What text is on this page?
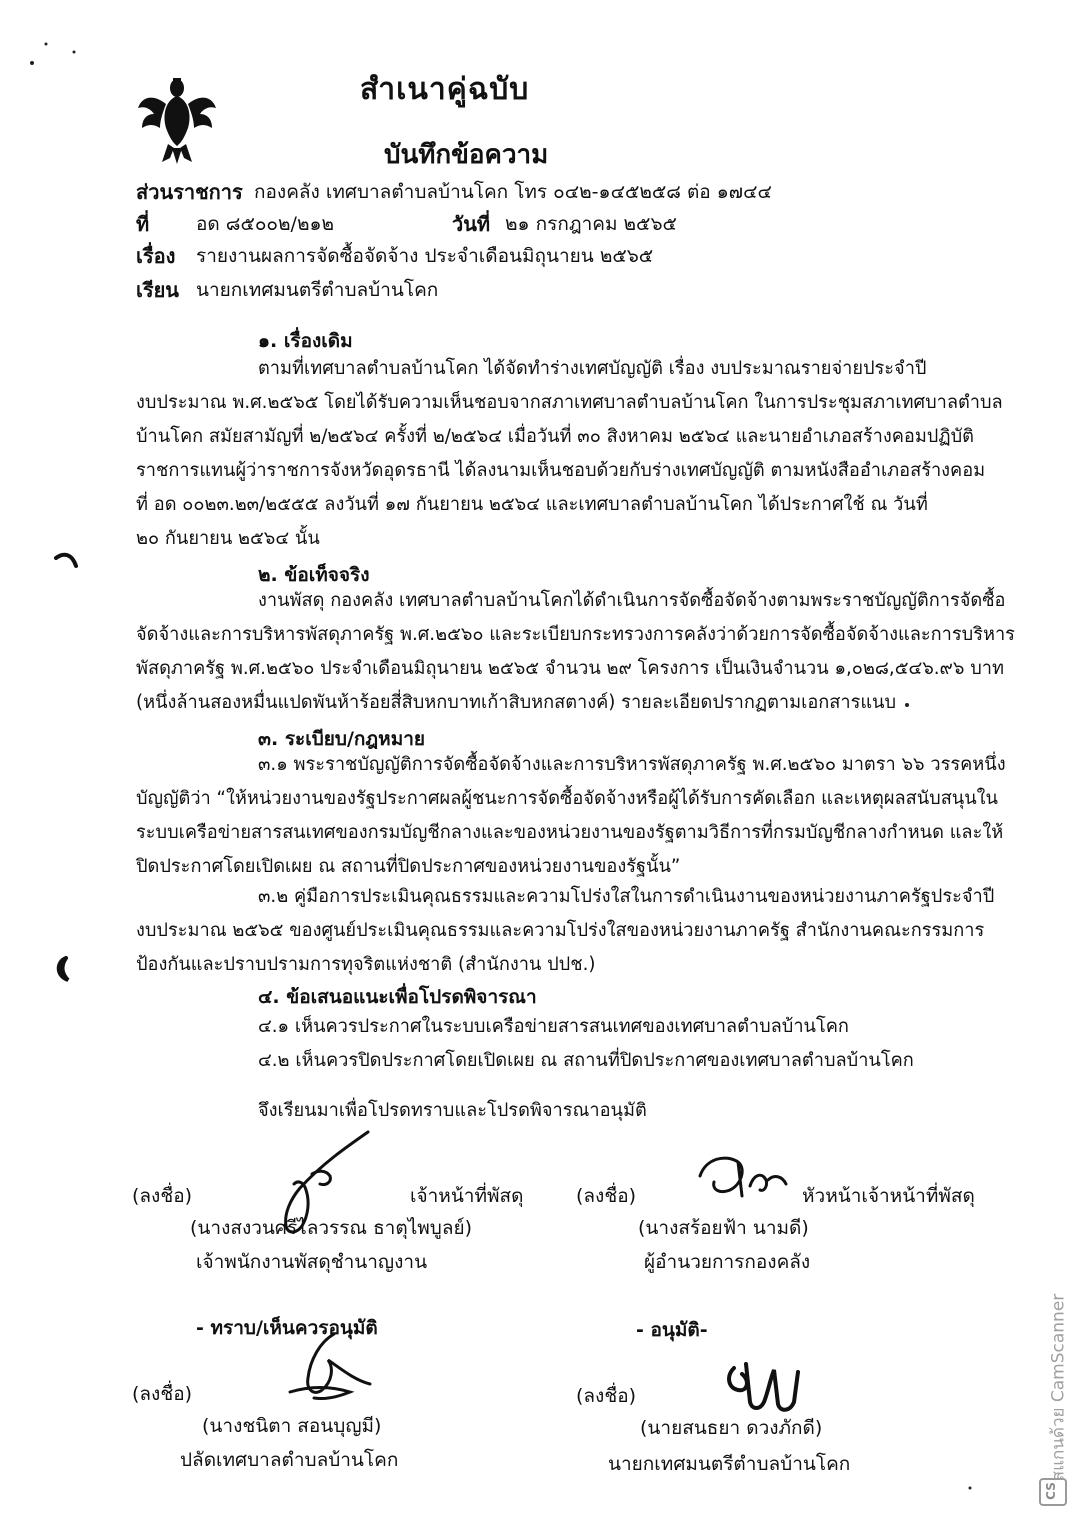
สำเนาคู่ฉบับ
บันทึกข้อความ
ส่วนราชการ กองคลัง เทศบาลตำบลบ้านโคก โทร ๐๔๒-๑๔๕๒๕๘ ต่อ ๑๗๔๔
ที่ อด ๘๕๐๐๒/๒๑๒	วันที่ ๒๑ กรกฎาคม ๒๕๖๕
เรื่อง รายงานผลการจัดซื้อจัดจ้าง ประจำเดือนมิถุนายน ๒๕๖๕
เรียน นายกเทศมนตรีตำบลบ้านโคก
๑. เรื่องเดิม
ตามที่เทศบาลตำบลบ้านโคก ได้จัดทำร่างเทศบัญญัติ เรื่อง งบประมาณรายจ่ายประจำปี
งบประมาณ พ.ศ.๒๕๖๕ โดยได้รับความเห็นชอบจากสภาเทศบาลตำบลบ้านโคก ในการประชุมสภาเทศบาลตำบล
บ้านโคก สมัยสามัญที่ ๒/๒๕๖๔ ครั้งที่ ๒/๒๕๖๔ เมื่อวันที่ ๓๐ สิงหาคม ๒๕๖๔ และนายอำเภอสร้างคอมปฏิบัติ
ราชการแทนผู้ว่าราชการจังหวัดอุดรธานี ได้ลงนามเห็นชอบด้วยกับร่างเทศบัญญัติ ตามหนังสืออำเภอสร้างคอม
ที่ อด ๐๐๒๓.๒๓/๒๕๕๕ ลงวันที่ ๑๗ กันยายน ๒๕๖๔ และเทศบาลตำบลบ้านโคก ได้ประกาศใช้ ณ วันที่
๒๐ กันยายน ๒๕๖๔ นั้น
๒. ข้อเท็จจริง
งานพัสดุ กองคลัง เทศบาลตำบลบ้านโคกได้ดำเนินการจัดซื้อจัดจ้างตามพระราชบัญญัติการจัดซื้อ
จัดจ้างและการบริหารพัสดุภาครัฐ พ.ศ.๒๕๖๐ และระเบียบกระทรวงการคลังว่าด้วยการจัดซื้อจัดจ้างและการบริหาร
พัสดุภาครัฐ พ.ศ.๒๕๖๐ ประจำเดือนมิถุนายน ๒๕๖๕ จำนวน ๒๙ โครงการ เป็นเงินจำนวน ๑,๐๒๘,๕๔๖.๙๖ บาท
(หนึ่งล้านสองหมื่นแปดพันห้าร้อยสี่สิบหกบาทเก้าสิบหกสตางค์) รายละเอียดปรากฏตามเอกสารแนบ
๓. ระเบียบ/กฎหมาย
๓.๑ พระราชบัญญัติการจัดซื้อจัดจ้างและการบริหารพัสดุภาครัฐ พ.ศ.๒๕๖๐ มาตรา ๖๖ วรรคหนึ่ง
บัญญัติว่า “ให้หน่วยงานของรัฐประกาศผลผู้ชนะการจัดซื้อจัดจ้างหรือผู้ได้รับการคัดเลือก และเหตุผลสนับสนุนใน
ระบบเครือข่ายสารสนเทศของกรมบัญชีกลางและของหน่วยงานของรัฐตามวิธีการที่กรมบัญชีกลางกำหนด และให้
ปิดประกาศโดยเปิดเผย ณ สถานที่ปิดประกาศของหน่วยงานของรัฐนั้น”
๓.๒ คู่มือการประเมินคุณธรรมและความโปร่งใสในการดำเนินงานของหน่วยงานภาครัฐประจำปี
งบประมาณ ๒๕๖๕ ของศูนย์ประเมินคุณธรรมและความโปร่งใสของหน่วยงานภาครัฐ สำนักงานคณะกรรมการ
ป้องกันและปราบปรามการทุจริตแห่งชาติ (สำนักงาน ปปช.)
๔. ข้อเสนอแนะเพื่อโปรดพิจารณา
๔.๑ เห็นควรประกาศในระบบเครือข่ายสารสนเทศของเทศบาลตำบลบ้านโคก
๔.๒ เห็นควรปิดประกาศโดยเปิดเผย ณ สถานที่ปิดประกาศของเทศบาลตำบลบ้านโคก
จึงเรียนมาเพื่อโปรดทราบและโปรดพิจารณาอนุมัติ
(ลงชื่อ)	เจ้าหน้าที่พัสดุ
(นางสงวนศรีไลวรรณ ธาตุไพบูลย์)
เจ้าพนักงานพัสดุชำนาญงาน
(ลงชื่อ)	หัวหน้าเจ้าหน้าที่พัสดุ
(นางสร้อยฟ้า นามดี)
ผู้อำนวยการกองคลัง
- ทราบ/เห็นควรอนุมัติ	- อนุมัติ-
(ลงชื่อ)
(นางชนิตา สอนบุญมี)
ปลัดเทศบาลตำบลบ้านโคก
(ลงชื่อ)
(นายสนธยา ดวงภักดี)
นายกเทศมนตรีตำบลบ้านโคก
CS
สแกนด้วย CamScanner
